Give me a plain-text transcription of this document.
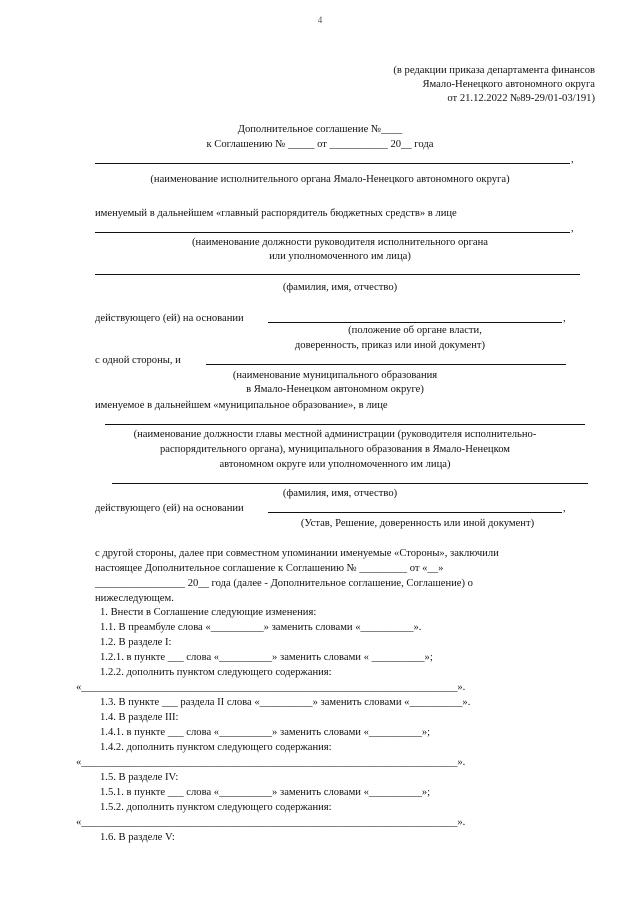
4
(в редакции приказа департамента финансов
Ямало-Ненецкого автономного округа
от 21.12.2022 №89-29/01-03/191)
Дополнительное соглашение №____
к Соглашению № _____ от ___________ 20__ года
,
(наименование исполнительного органа Ямало-Ненецкого автономного округа)
именуемый в дальнейшем «главный распорядитель бюджетных средств» в лице
,
(наименование должности руководителя исполнительного органа
или уполномоченного им лица)
(фамилия, имя, отчество)
действующего (ей) на основании	,
(положение об органе власти,
доверенность, приказ или иной документ)
с одной стороны, и
(наименование муниципального образования
в Ямало-Ненецком автономном округе)
именуемое в дальнейшем «муниципальное образование», в лице
(наименование должности главы местной администрации (руководителя исполнительно-
распорядительного органа), муниципального образования в Ямало-Ненецком
автономном округе или уполномоченного им лица)
(фамилия, имя, отчество)
действующего (ей) на основании	,
(Устав, Решение, доверенность или иной документ)
с другой стороны, далее при совместном упоминании именуемые «Стороны», заключили
настоящее Дополнительное соглашение к Соглашению № _________ от «__»
_________________ 20__ года (далее - Дополнительное соглашение, Соглашение) о
нижеследующем.
1. Внести в Соглашение следующие изменения:
1.1. В преамбуле слова «__________» заменить словами «__________».
1.2. В разделе I:
1.2.1. в пункте ___ слова «__________» заменить словами « __________»;
1.2.2. дополнить пунктом следующего содержания:
«_______________________________________________________________________».
1.3. В пункте ___ раздела II слова «__________» заменить словами «__________».
1.4. В разделе III:
1.4.1. в пункте ___ слова «__________» заменить словами «__________»;
1.4.2. дополнить пунктом следующего содержания:
«_______________________________________________________________________».
1.5. В разделе IV:
1.5.1. в пункте ___ слова «__________» заменить словами «__________»;
1.5.2. дополнить пунктом следующего содержания:
«_______________________________________________________________________».
1.6. В разделе V:
